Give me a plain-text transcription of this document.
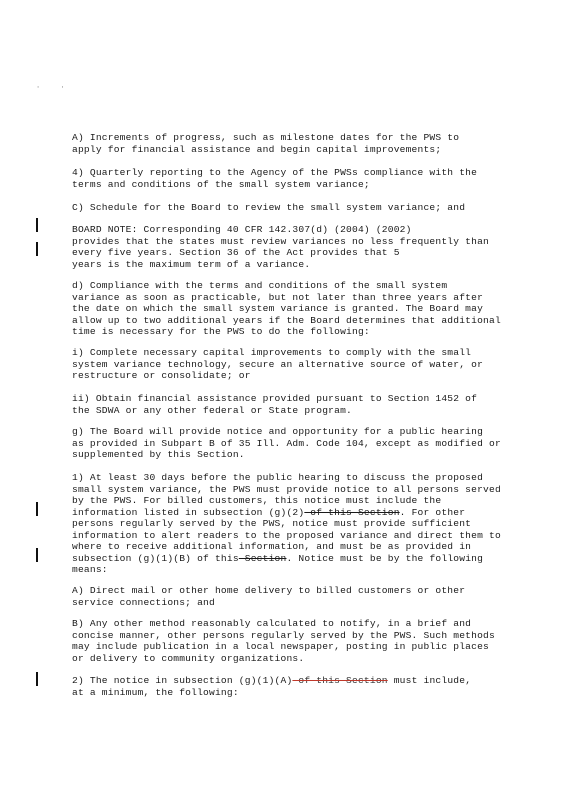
· ·
A) Increments of progress, such as milestone dates for the PWS to
apply for financial assistance and begin capital improvements;
4) Quarterly reporting to the Agency of the PWSs compliance with the
terms and conditions of the small system variance;
C) Schedule for the Board to review the small system variance; and
BOARD NOTE: Corresponding 40 CFR 142.307(d) (2004) (2002)
provides that the states must review variances no less frequently than
every five years. Section 36 of the Act provides that 5
years is the maximum term of a variance.
d) Compliance with the terms and conditions of the small system
variance as soon as practicable, but not later than three years after
the date on which the small system variance is granted. The Board may
allow up to two additional years if the Board determines that additional
time is necessary for the PWS to do the following:
i) Complete necessary capital improvements to comply with the small
system variance technology, secure an alternative source of water, or
restructure or consolidate; or
ii) Obtain financial assistance provided pursuant to Section 1452 of
the SDWA or any other federal or State program.
g) The Board will provide notice and opportunity for a public hearing
as provided in Subpart B of 35 Ill. Adm. Code 104, except as modified or
supplemented by this Section.
1) At least 30 days before the public hearing to discuss the proposed
small system variance, the PWS must provide notice to all persons served
by the PWS. For billed customers, this notice must include the
information listed in subsection (g)(2) of this Section. For other
persons regularly served by the PWS, notice must provide sufficient
information to alert readers to the proposed variance and direct them to
where to receive additional information, and must be as provided in
subsection (g)(1)(B) of this Section. Notice must be by the following
means:
A) Direct mail or other home delivery to billed customers or other
service connections; and
B) Any other method reasonably calculated to notify, in a brief and
concise manner, other persons regularly served by the PWS. Such methods
may include publication in a local newspaper, posting in public places
or delivery to community organizations.
2) The notice in subsection (g)(1)(A) of this Section must include,
at a minimum, the following:
